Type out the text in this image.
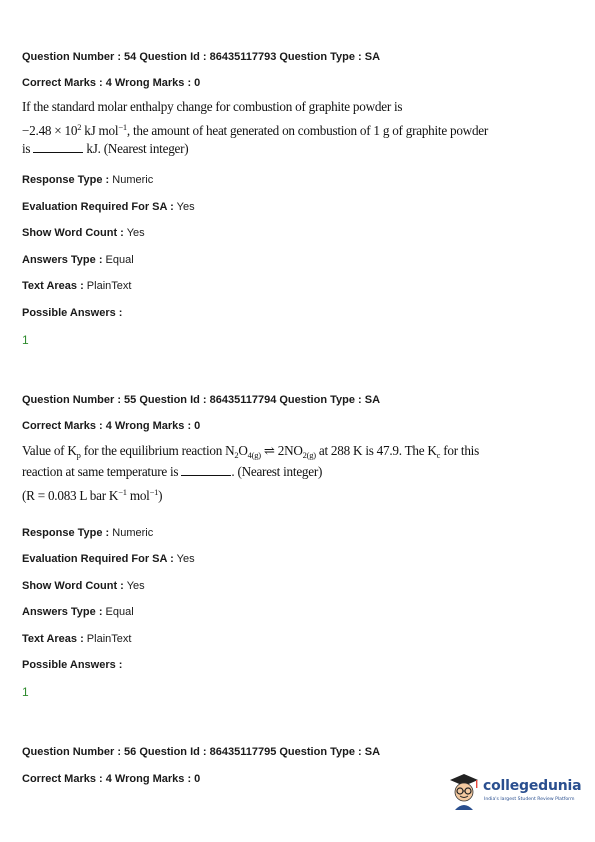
Question Number : 54 Question Id : 86435117793 Question Type : SA
Correct Marks : 4 Wrong Marks : 0
If the standard molar enthalpy change for combustion of graphite powder is
$-2.48 \times 10^2$ kJ mol$^{-1}$, the amount of heat generated on combustion of 1 g of graphite powder
is	kJ. (Nearest integer)
Response Type : Numeric
Evaluation Required For SA : Yes
Show Word Count : Yes
Answers Type : Equal
Text Areas : PlainText
Possible Answers :
1
Question Number : 55 Question Id : 86435117794 Question Type : SA
Correct Marks : 4 Wrong Marks : 0
Value of $K_p$ for the equilibrium reaction $N_2O_{4(g)}$ ⇌ $2NO_{2(g)}$ at 288 K is 47.9. The $K_c$ for this
reaction at same temperature is	. (Nearest integer)
(R = 0.083 L bar $K^{-1}$ mol$^{-1}$)
Response Type : Numeric
Evaluation Required For SA : Yes
Show Word Count : Yes
Answers Type : Equal
Text Areas : PlainText
Possible Answers :
1
Question Number : 56 Question Id : 86435117795 Question Type : SA
Correct Marks : 4 Wrong Marks : 0	collegedunia
India's largest Student Review Platform
